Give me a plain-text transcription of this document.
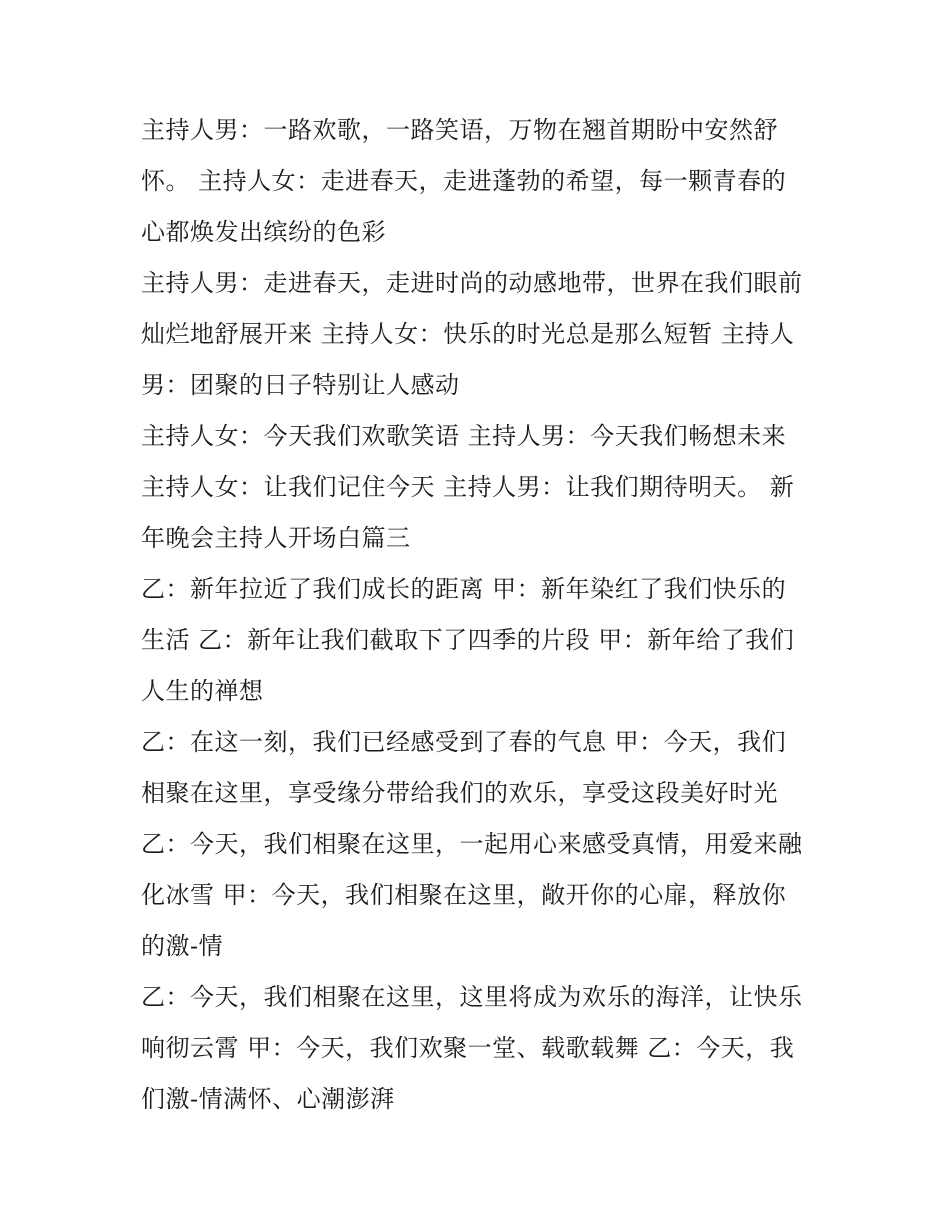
主持人男：一路欢歌，一路笑语，万物在翘首期盼中安然舒
怀。 主持人女：走进春天，走进蓬勃的希望，每一颗青春的
心都焕发出缤纷的色彩
主持人男：走进春天，走进时尚的动感地带，世界在我们眼前
灿烂地舒展开来 主持人女：快乐的时光总是那么短暂 主持人
男：团聚的日子特别让人感动
主持人女：今天我们欢歌笑语 主持人男：今天我们畅想未来
主持人女：让我们记住今天 主持人男：让我们期待明天。 新
年晚会主持人开场白篇三
乙：新年拉近了我们成长的距离 甲：新年染红了我们快乐的
生活 乙：新年让我们截取下了四季的片段 甲：新年给了我们
人生的禅想
乙：在这一刻，我们已经感受到了春的气息 甲：今天，我们
相聚在这里，享受缘分带给我们的欢乐，享受这段美好时光
乙：今天，我们相聚在这里，一起用心来感受真情，用爱来融
化冰雪 甲：今天，我们相聚在这里，敞开你的心扉，释放你
的激-情
乙：今天，我们相聚在这里，这里将成为欢乐的海洋，让快乐
响彻云霄 甲：今天，我们欢聚一堂、载歌载舞 乙：今天，我
们激-情满怀、心潮澎湃
